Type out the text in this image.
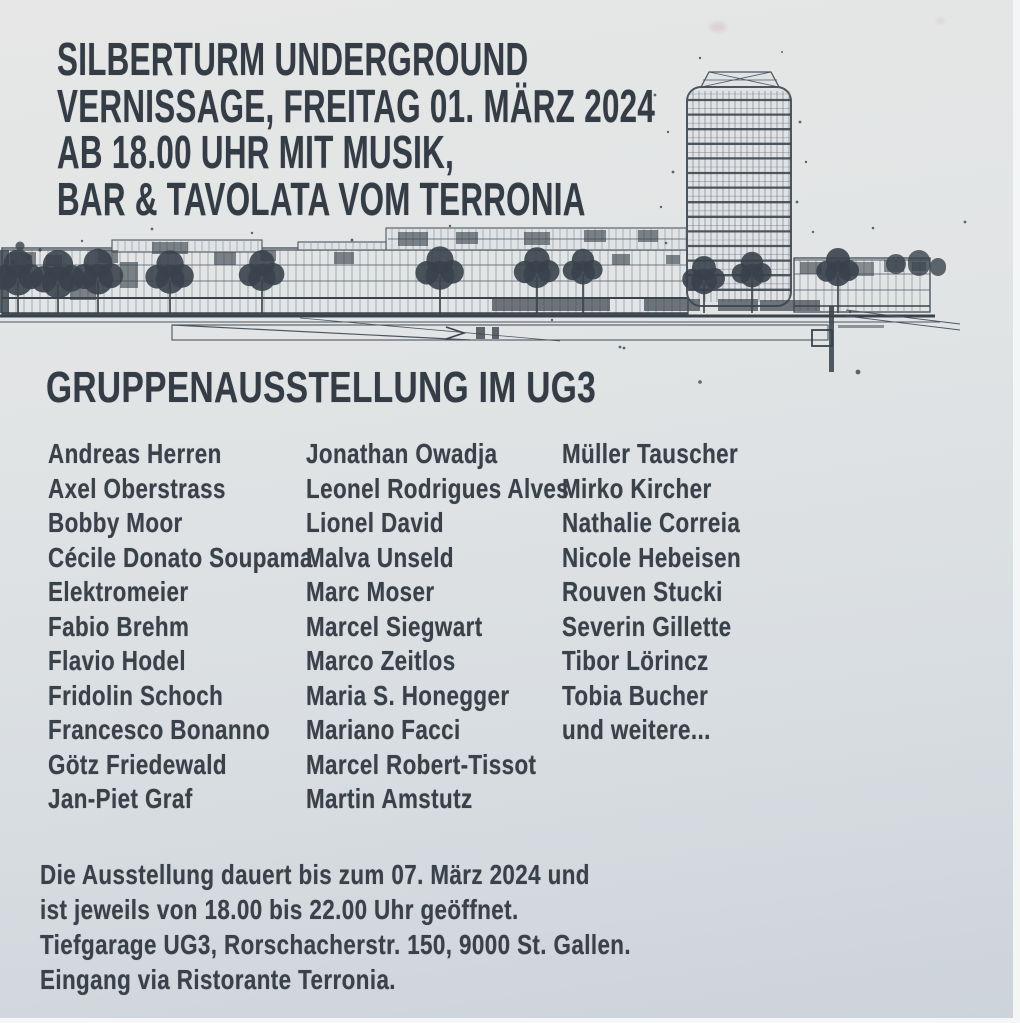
SILBERTURM UNDERGROUND
VERNISSAGE, FREITAG 01. MÄRZ 2024
AB 18.00 UHR MIT MUSIK,
BAR & TAVOLATA VOM TERRONIA
GRUPPENAUSSTELLUNG IM UG3
Andreas Herren
Axel Oberstrass
Bobby Moor
Cécile Donato Soupama
Elektromeier
Fabio Brehm
Flavio Hodel
Fridolin Schoch
Francesco Bonanno
Götz Friedewald
Jan-Piet Graf
Jonathan Owadja
Leonel Rodrigues Alves
Lionel David
Malva Unseld
Marc Moser
Marcel Siegwart
Marco Zeitlos
Maria S. Honegger
Mariano Facci
Marcel Robert-Tissot
Martin Amstutz
Müller Tauscher
Mirko Kircher
Nathalie Correia
Nicole Hebeisen
Rouven Stucki
Severin Gillette
Tibor Lörincz
Tobia Bucher
und weitere...
Die Ausstellung dauert bis zum 07. März 2024 und
ist jeweils von 18.00 bis 22.00 Uhr geöffnet.
Tiefgarage UG3, Rorschacherstr. 150, 9000 St. Gallen.
Eingang via Ristorante Terronia.
